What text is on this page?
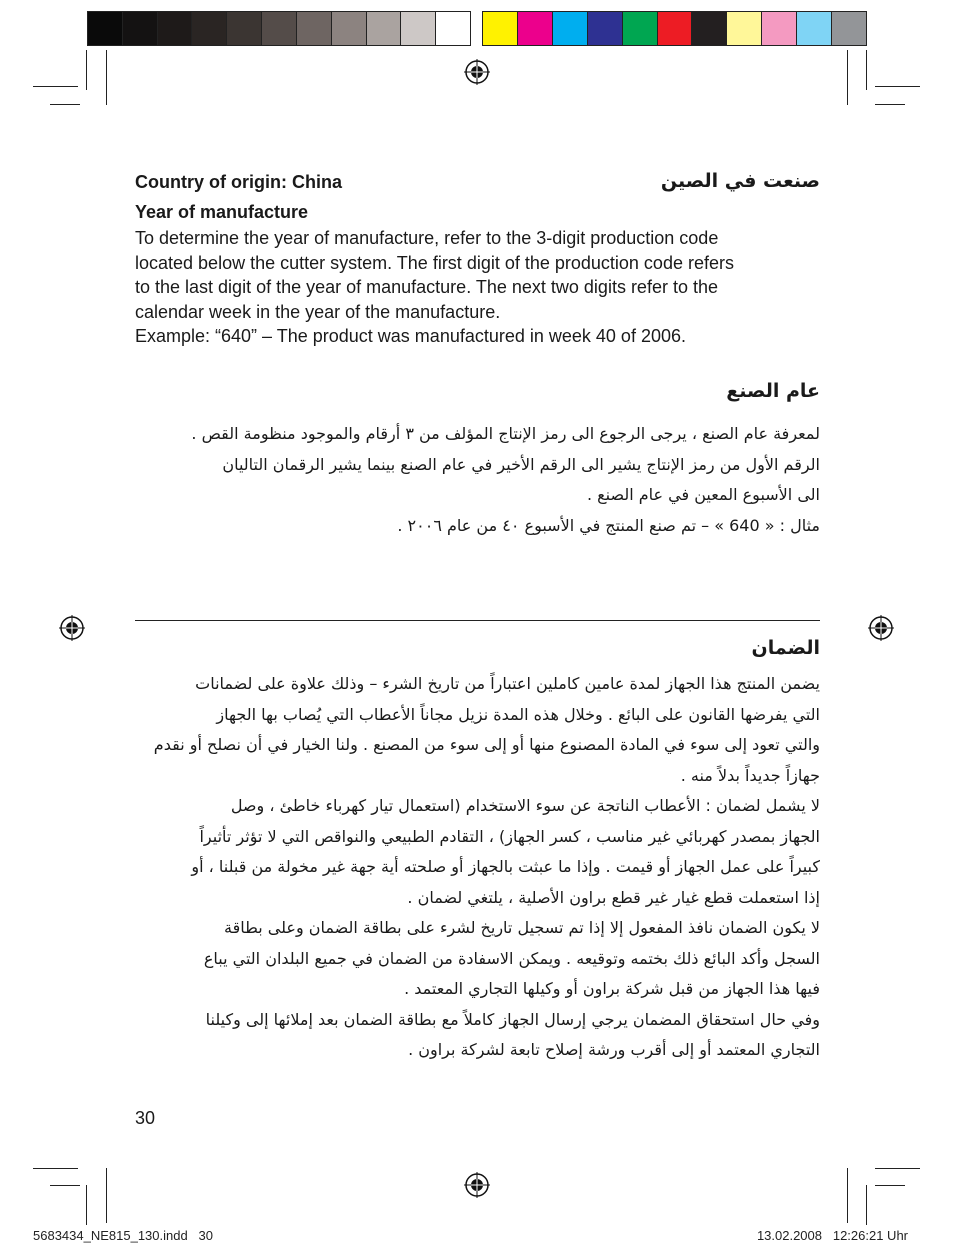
Country of origin: China	صنعت في الصين
Year of manufacture
To determine the year of manufacture, refer to the 3-digit production code
located below the cutter system. The first digit of the production code refers
to the last digit of the year of manufacture. The next two digits refer to the
calendar week in the year of the manufacture.
Example: “640” – The product was manufactured in week 40 of 2006.
عام الصنع
لمعرفة عام الصنع ، يرجى الرجوع الى رمز الإنتاج المؤلف من ٣ أرقام والموجود منظومة القص .
الرقم الأول من رمز الإنتاج يشير الى الرقم الأخير في عام الصنع بينما يشير الرقمان التاليان
الى الأسبوع المعين في عام الصنع .
مثال : « 640 » – تم صنع المنتج في الأسبوع ٤٠ من عام ٢٠٠٦ .
الضمان
يضمن المنتج هذا الجهاز لمدة عامين كاملين اعتباراً من تاريخ الشرء – وذلك علاوة على لضمانات
التي يفرضها القانون على البائع . وخلال هذه المدة نزيل مجاناً الأعطاب التي يُصاب بها الجهاز
والتي تعود إلى سوء في المادة المصنوع منها أو إلى سوء من المصنع . ولنا الخيار في أن نصلح أو نقدم
جهازاً جديداً بدلاً منه .
لا يشمل لضمان : الأعطاب الناتجة عن سوء الاستخدام (استعمال تيار كهرباء خاطئ ، وصل
الجهاز بمصدر كهربائي غير مناسب ، كسر الجهاز) ، التقادم الطبيعي والنواقص التي لا تؤثر تأثيراً
كبيراً على عمل الجهاز أو قيمت . وإذا ما عبثت بالجهاز أو صلحته أية جهة غير مخولة من قبلنا ، أو
إذا استعملت قطع غيار غير قطع براون الأصلية ، يلتغي لضمان .
لا يكون الضمان نافذ المفعول إلا إذا تم تسجيل تاريخ لشرء على بطاقة الضمان وعلى بطاقة
السجل وأكد البائع ذلك بختمه وتوقيعه . ويمكن الاسفادة من الضمان في جميع البلدان التي يباع
فيها هذا الجهاز من قبل شركة براون أو وكيلها التجاري المعتمد .
وفي حال استحقاق المضمان يرجي إرسال الجهاز كاملاً مع بطاقة الضمان بعد إملائها إلى وكيلنا
التجاري المعتمد أو إلى أقرب ورشة إصلاح تابعة لشركة براون .
30
5683434_NE815_130.indd   30	13.02.2008   12:26:21 Uhr
